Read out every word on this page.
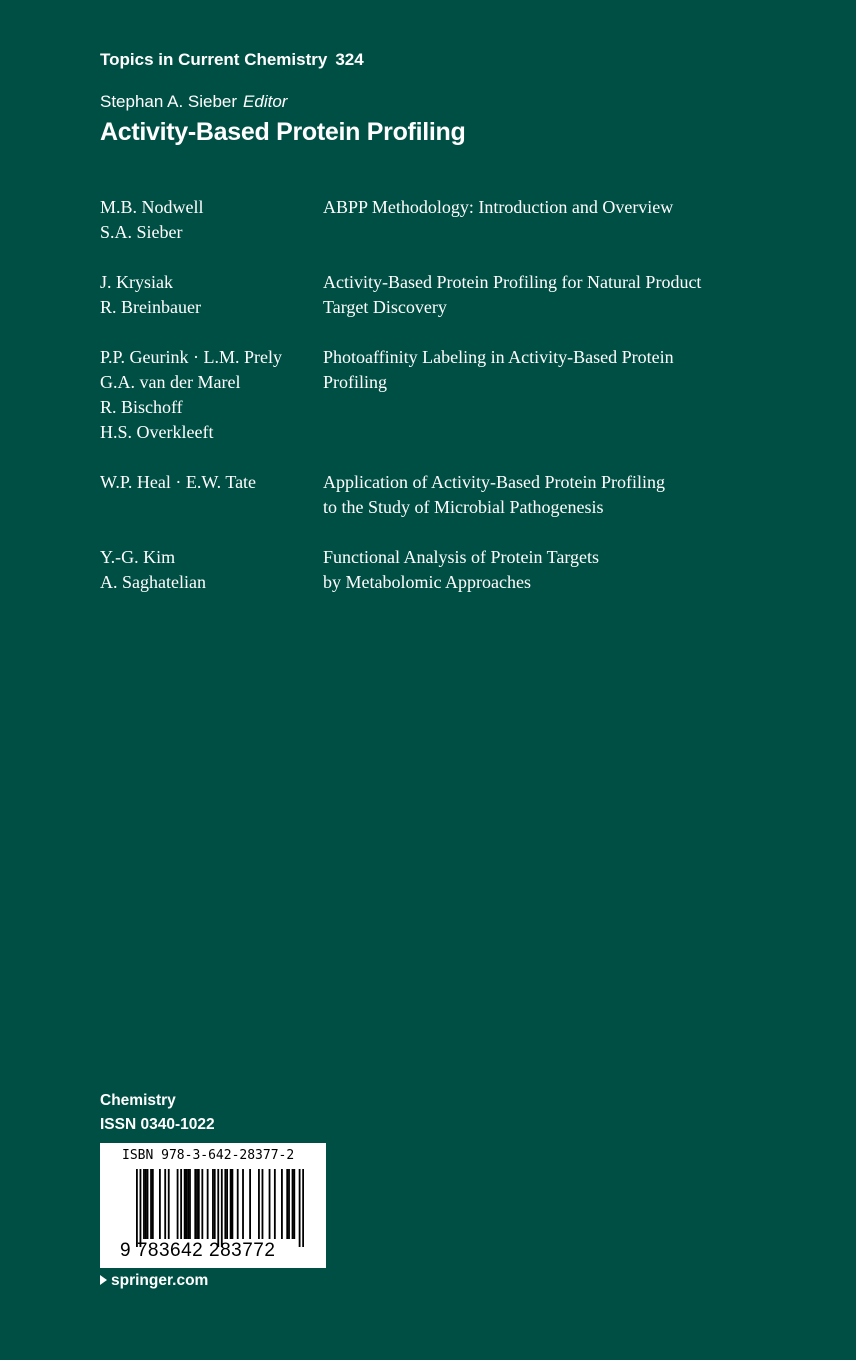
Topics in Current Chemistry 324
Stephan A. Sieber Editor
Activity-Based Protein Profiling
M.B. Nodwell
S.A. Sieber
ABPP Methodology: Introduction and Overview
J. Krysiak
R. Breinbauer
Activity-Based Protein Profiling for Natural Product
Target Discovery
P.P. Geurink · L.M. Prely
G.A. van der Marel
R. Bischoff
H.S. Overkleeft
Photoaffinity Labeling in Activity-Based Protein
Profiling
W.P. Heal · E.W. Tate	Application of Activity-Based Protein Profiling
to the Study of Microbial Pathogenesis
Y.-G. Kim
A. Saghatelian
Functional Analysis of Protein Targets
by Metabolomic Approaches
Chemistry
ISSN 0340-1022
ISBN 978-3-642-28377-2
9 783642 283772
springer.com
